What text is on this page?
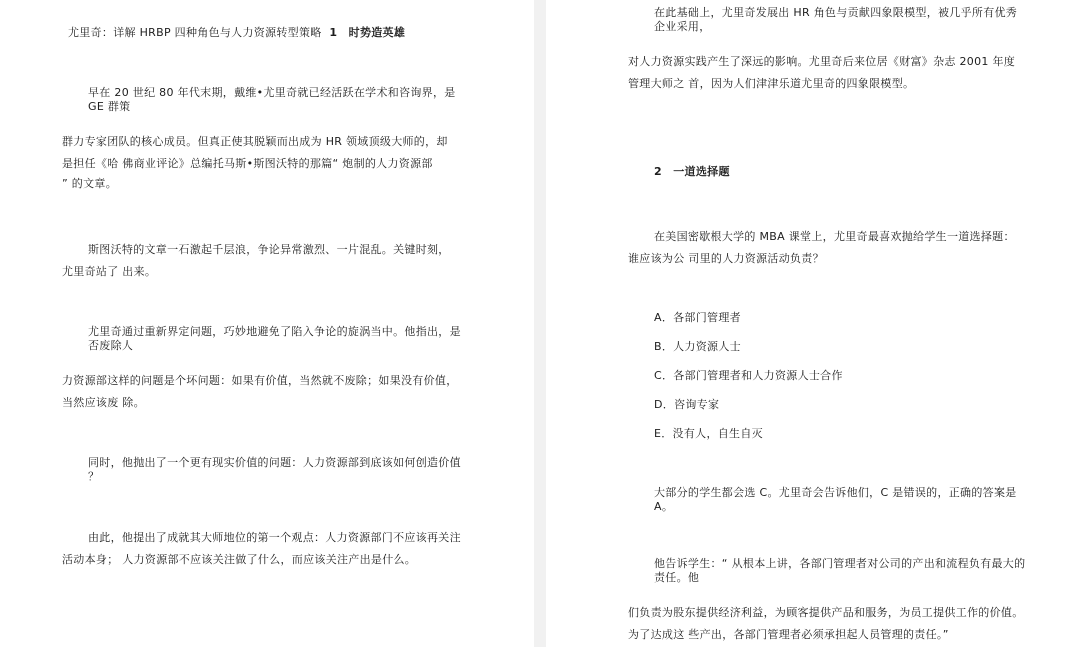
尤里奇：详解 HRBP 四种角色与人力资源转型策略 1　时势造英雄

早在 20 世纪 80 年代末期，戴维•尤里奇就已经活跃在学术和咨询界，是

GE 群策

群力专家团队的核心成员。但真正使其脱颖而出成为 HR 领域顶级大师的，却

是担任《哈 佛商业评论》总编托马斯•斯图沃特的那篇“ 炮制的人力资源部

” 的文章。

斯图沃特的文章一石激起千层浪，争论异常激烈、一片混乱。关键时刻，

尤里奇站了 出来。

尤里奇通过重新界定问题，巧妙地避免了陷入争论的旋涡当中。他指出，是

否废除人

力资源部这样的问题是个坏问题：如果有价值，当然就不废除；如果没有价值，

当然应该废 除。

同时，他抛出了一个更有现实价值的问题：人力资源部到底该如何创造价值

？

由此，他提出了成就其大师地位的第一个观点：人力资源部门不应该再关注

活动本身； 人力资源部不应该关注做了什么，而应该关注产出是什么。

在此基础上，尤里奇发展出 HR 角色与贡献四象限模型，被几乎所有优秀

企业采用，

对人力资源实践产生了深远的影响。尤里奇后来位居《财富》杂志 2001 年度

管理大师之 首，因为人们津津乐道尤里奇的四象限模型。

2　一道选择题

在美国密歇根大学的 MBA 课堂上，尤里奇最喜欢抛给学生一道选择题：

谁应该为公 司里的人力资源活动负责？

A．各部门管理者

B．人力资源人士

C．各部门管理者和人力资源人士合作

D．咨询专家

E．没有人，自生自灭

大部分的学生都会选 C。尤里奇会告诉他们，C 是错误的，正确的答案是

A。

他告诉学生：“ 从根本上讲，各部门管理者对公司的产出和流程负有最大的

责任。他

们负责为股东提供经济利益，为顾客提供产品和服务，为员工提供工作的价值。

为了达成这 些产出，各部门管理者必须承担起人员管理的责任。”
